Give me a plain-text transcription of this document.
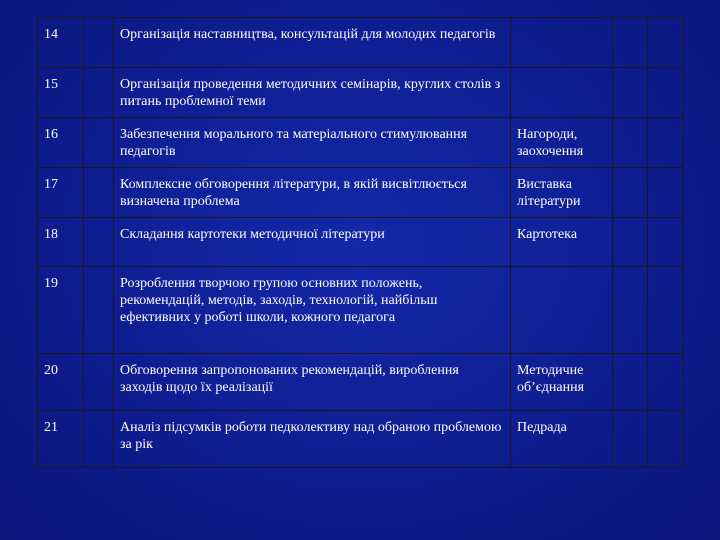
14		Організація наставництва, консультацій для молодих педагогів			
15		Організація проведення методичних семінарів, круглих столів з питань проблемної теми			
16		Забезпечення морального та матеріального стимулювання педагогів	Нагороди, заохочення		
17		Комплексне обговорення літератури, в якій висвітлюється визначена проблема	Виставка літератури		
18		Складання картотеки методичної літератури	Картотека		
19		Розроблення творчою групою основних положень, рекомендацій, методів, заходів, технологій, найбільш ефективних у роботі школи, кожного педагога			
20		Обговорення запропонованих рекомендацій, вироблення заходів щодо їх реалізації	Методичне об’єднання		
21		Аналіз підсумків роботи педколективу над обраною проблемою за рік	Педрада		
